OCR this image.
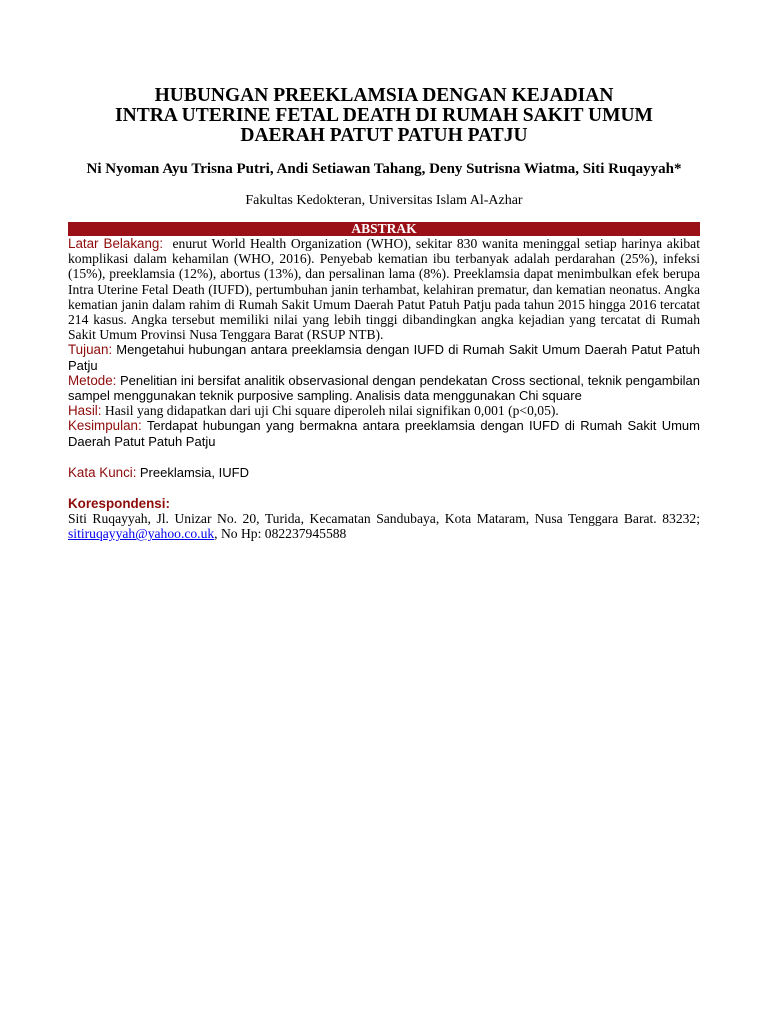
HUBUNGAN PREEKLAMSIA DENGAN KEJADIAN
INTRA UTERINE FETAL DEATH DI RUMAH SAKIT UMUM
DAERAH PATUT PATUH PATJU
Ni Nyoman Ayu Trisna Putri, Andi Setiawan Tahang, Deny Sutrisna Wiatma, Siti Ruqayyah*
Fakultas Kedokteran, Universitas Islam Al-Azhar
ABSTRAK

Latar Belakang: enurut World Health Organization (WHO), sekitar 830 wanita meninggal setiap harinya akibat komplikasi dalam kehamilan (WHO, 2016). Penyebab kematian ibu terbanyak adalah perdarahan (25%), infeksi (15%), preeklamsia (12%), abortus (13%), dan persalinan lama (8%). Preeklamsia dapat menimbulkan efek berupa Intra Uterine Fetal Death (IUFD), pertumbuhan janin terhambat, kelahiran prematur, dan kematian neonatus. Angka kematian janin dalam rahim di Rumah Sakit Umum Daerah Patut Patuh Patju pada tahun 2015 hingga 2016 tercatat 214 kasus. Angka tersebut memiliki nilai yang lebih tinggi dibandingkan angka kejadian yang tercatat di Rumah Sakit Umum Provinsi Nusa Tenggara Barat (RSUP NTB).

Tujuan: Mengetahui hubungan antara preeklamsia dengan IUFD di Rumah Sakit Umum Daerah Patut Patuh Patju

Metode: Penelitian ini bersifat analitik observasional dengan pendekatan Cross sectional, teknik pengambilan sampel menggunakan teknik purposive sampling. Analisis data menggunakan Chi square

Hasil: Hasil yang didapatkan dari uji Chi square diperoleh nilai signifikan 0,001 (p<0,05).

Kesimpulan: Terdapat hubungan yang bermakna antara preeklamsia dengan IUFD di Rumah Sakit Umum Daerah Patut Patuh Patju

Kata Kunci: Preeklamsia, IUFD

Korespondensi:

Siti Ruqayyah, Jl. Unizar No. 20, Turida, Kecamatan Sandubaya, Kota Mataram, Nusa Tenggara Barat. 83232; sitiruqayyah@yahoo.co.uk, No Hp: 082237945588
